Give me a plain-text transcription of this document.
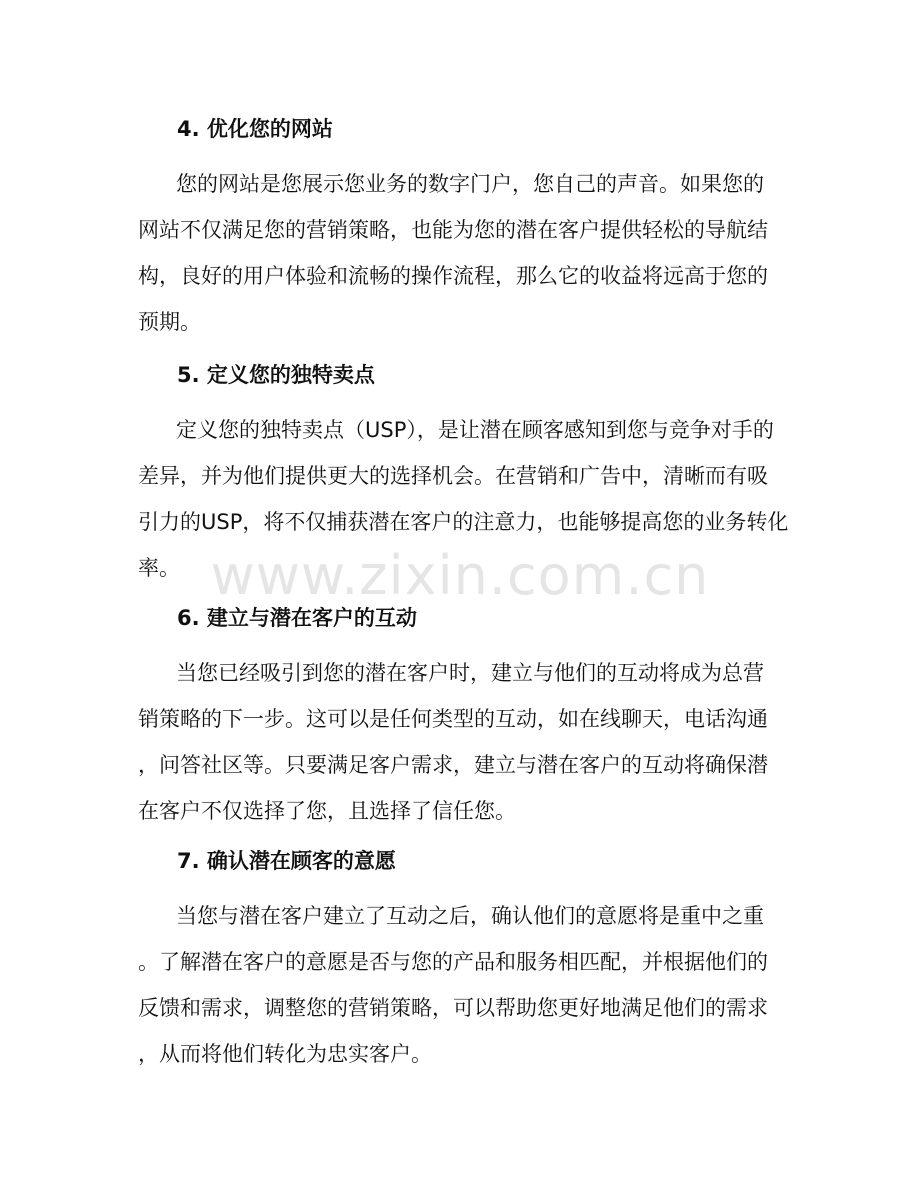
4. 优化您的网站
您的网站是您展示您业务的数字门户，您自己的声音。如果您的
网站不仅满足您的营销策略，也能为您的潜在客户提供轻松的导航结
构，良好的用户体验和流畅的操作流程，那么它的收益将远高于您的
预期。
5. 定义您的独特卖点
定义您的独特卖点（USP），是让潜在顾客感知到您与竞争对手的
差异，并为他们提供更大的选择机会。在营销和广告中，清晰而有吸
引力的USP，将不仅捕获潜在客户的注意力，也能够提高您的业务转化
率。
6. 建立与潜在客户的互动
当您已经吸引到您的潜在客户时，建立与他们的互动将成为总营
销策略的下一步。这可以是任何类型的互动，如在线聊天，电话沟通
，问答社区等。只要满足客户需求，建立与潜在客户的互动将确保潜
在客户不仅选择了您，且选择了信任您。
7. 确认潜在顾客的意愿
当您与潜在客户建立了互动之后，确认他们的意愿将是重中之重
。了解潜在客户的意愿是否与您的产品和服务相匹配，并根据他们的
反馈和需求，调整您的营销策略，可以帮助您更好地满足他们的需求
，从而将他们转化为忠实客户。
www.zixin.com.cn
